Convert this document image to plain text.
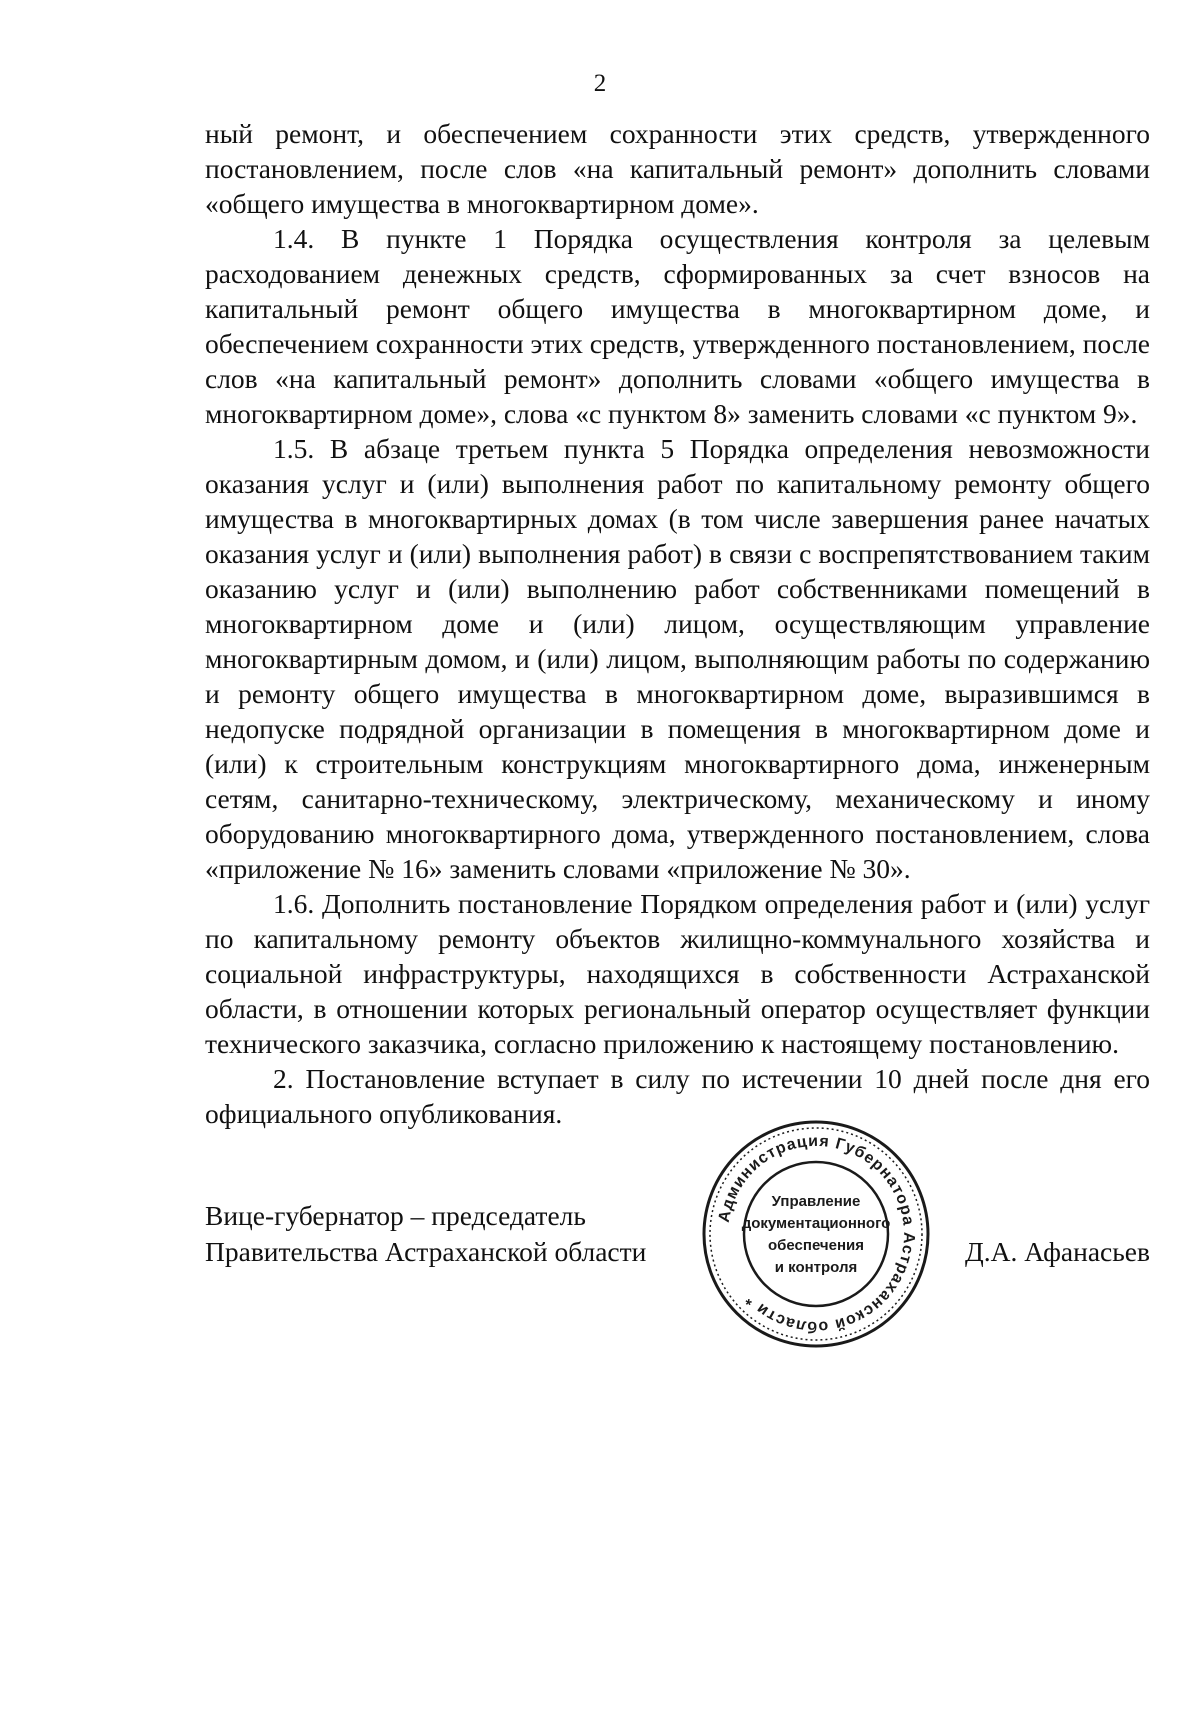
2

ный ремонт, и обеспечением сохранности этих средств, утвержденного постановлением, после слов «на капитальный ремонт» дополнить словами «общего имущества в многоквартирном доме».

1.4. В пункте 1 Порядка осуществления контроля за целевым расходованием денежных средств, сформированных за счет взносов на капитальный ремонт общего имущества в многоквартирном доме, и обеспечением сохранности этих средств, утвержденного постановлением, после слов «на капитальный ремонт» дополнить словами «общего имущества в многоквартирном доме», слова «с пунктом 8» заменить словами «с пунктом 9».

1.5. В абзаце третьем пункта 5 Порядка определения невозможности оказания услуг и (или) выполнения работ по капитальному ремонту общего имущества в многоквартирных домах (в том числе завершения ранее начатых оказания услуг и (или) выполнения работ) в связи с воспрепятствованием таким оказанию услуг и (или) выполнению работ собственниками помещений в многоквартирном доме и (или) лицом, осуществляющим управление многоквартирным домом, и (или) лицом, выполняющим работы по содержанию и ремонту общего имущества в многоквартирном доме, выразившимся в недопуске подрядной организации в помещения в многоквартирном доме и (или) к строительным конструкциям многоквартирного дома, инженерным сетям, санитарно-техническому, электрическому, механическому и иному оборудованию многоквартирного дома, утвержденного постановлением, слова «приложение № 16» заменить словами «приложение № 30».

1.6. Дополнить постановление Порядком определения работ и (или) услуг по капитальному ремонту объектов жилищно-коммунального хозяйства и социальной инфраструктуры, находящихся в собственности Астраханской области, в отношении которых региональный оператор осуществляет функции технического заказчика, согласно приложению к настоящему постановлению.

2. Постановление вступает в силу по истечении 10 дней после дня его официального опубликования.

Вице-губернатор – председатель
Правительства Астраханской области	Д.А. Афанасьев
Администрация Губернатора Астраханской области *
Управление
документационного
обеспечения
и контроля
